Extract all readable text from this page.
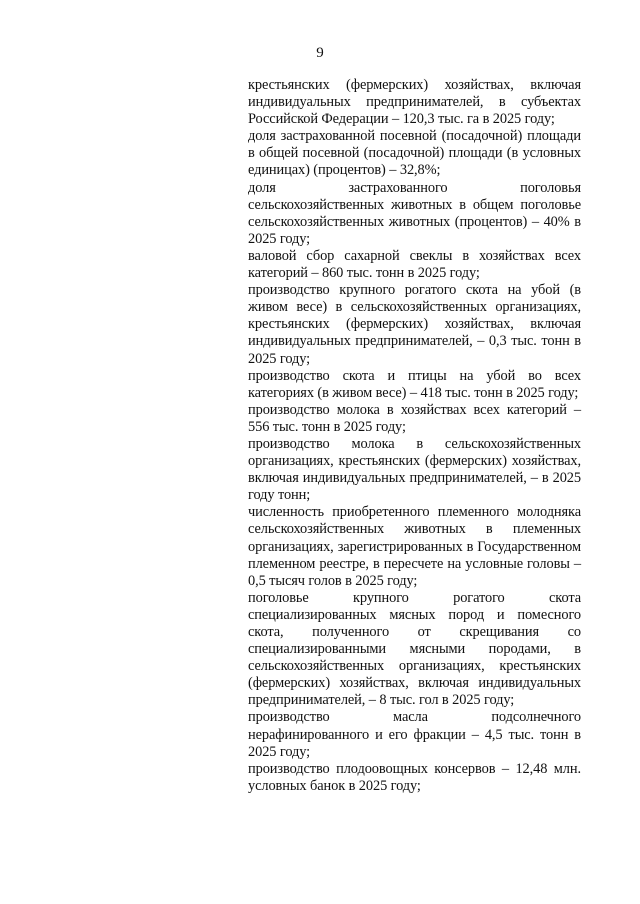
9

крестьянских (фермерских) хозяйствах, включая индивидуальных предпринимателей, в субъектах Российской Федерации – 120,3 тыс. га в 2025 году;

доля застрахованной посевной (посадочной) площади в общей посевной (посадочной) площади (в условных единицах) (процентов) – 32,8%;

доля застрахованного поголовья сельскохозяйственных животных в общем поголовье сельскохозяйственных животных (процентов) – 40% в 2025 году;

валовой сбор сахарной свеклы в хозяйствах всех категорий – 860 тыс. тонн в 2025 году;

производство крупного рогатого скота на убой (в живом весе) в сельскохозяйственных организациях, крестьянских (фермерских) хозяйствах, включая индивидуальных предпринимателей, – 0,3 тыс. тонн в 2025 году;

производство скота и птицы на убой во всех категориях (в живом весе) – 418 тыс. тонн в 2025 году;

производство молока в хозяйствах всех категорий – 556 тыс. тонн в 2025 году;

производство молока в сельскохозяйственных организациях, крестьянских (фермерских) хозяйствах, включая индивидуальных предпринимателей, – в 2025 году тонн;

численность приобретенного племенного молодняка сельскохозяйственных животных в племенных организациях, зарегистрированных в Государственном племенном реестре, в пересчете на условные головы – 0,5 тысяч голов в 2025 году;

поголовье крупного рогатого скота специализированных мясных пород и помесного скота, полученного от скрещивания со специализированными мясными породами, в сельскохозяйственных организациях, крестьянских (фермерских) хозяйствах, включая индивидуальных предпринимателей, – 8 тыс. гол в 2025 году;

производство масла подсолнечного нерафинированного и его фракции – 4,5 тыс. тонн в 2025 году;

производство плодоовощных консервов – 12,48 млн. условных банок в 2025 году;
